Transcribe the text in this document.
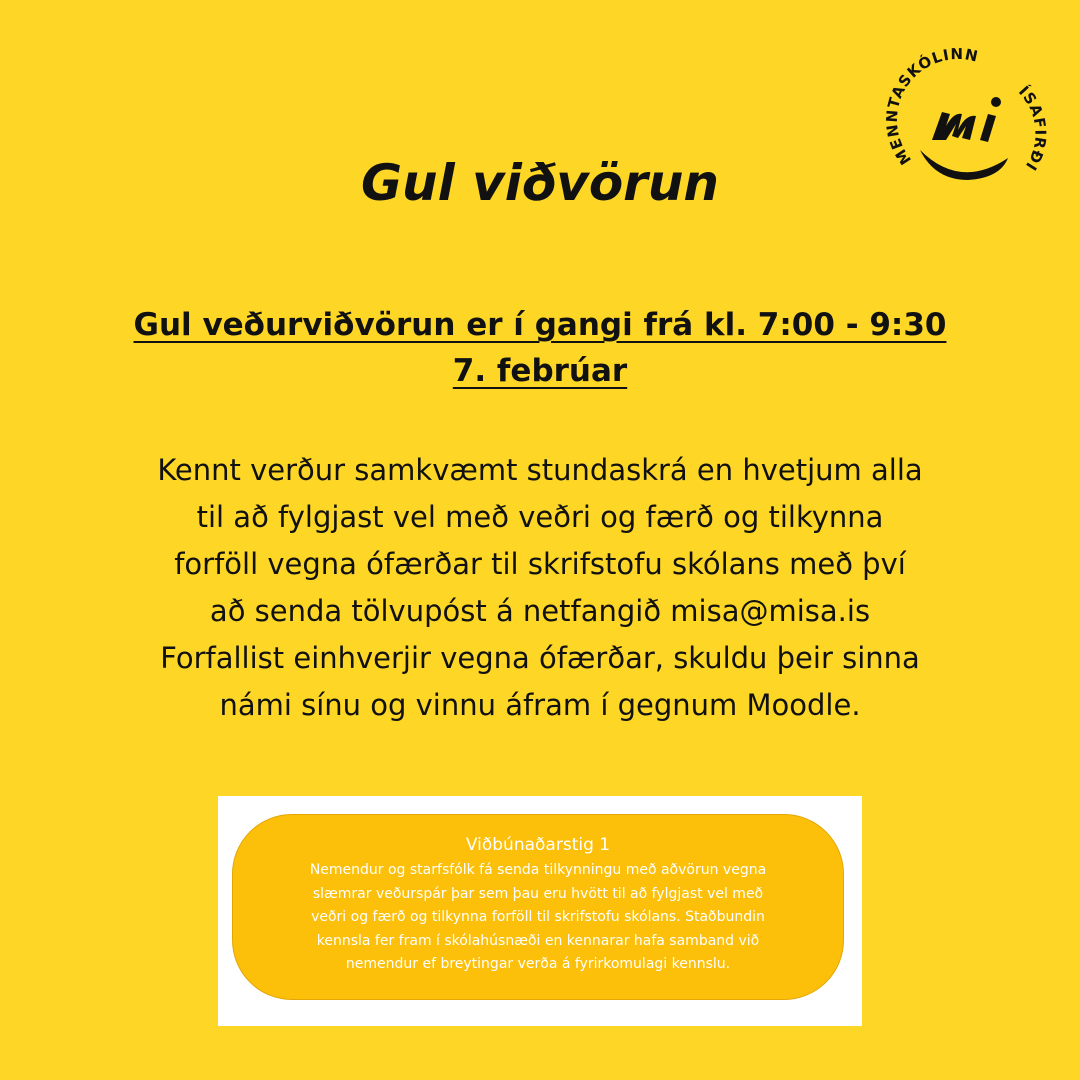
MENNTASKÓLINN
ÍSAFIRÐI
mi
Gul viðvörun

Gul veðurviðvörun er í gangi frá kl. 7:00 - 9:30
7. febrúar

Kennt verður samkvæmt stundaskrá en hvetjum alla
til að fylgjast vel með veðri og færð og tilkynna
forföll vegna ófærðar til skrifstofu skólans með því
að senda tölvupóst á netfangið misa@misa.is
Forfallist einhverjir vegna ófærðar, skuldu þeir sinna
námi sínu og vinnu áfram í gegnum Moodle.

Viðbúnaðarstig 1
Nemendur og starfsfólk fá senda tilkynningu með aðvörun vegna
slæmrar veðurspár þar sem þau eru hvött til að fylgjast vel með
veðri og færð og tilkynna forföll til skrifstofu skólans. Staðbundin
kennsla fer fram í skólahúsnæði en kennarar hafa samband við
nemendur ef breytingar verða á fyrirkomulagi kennslu.
